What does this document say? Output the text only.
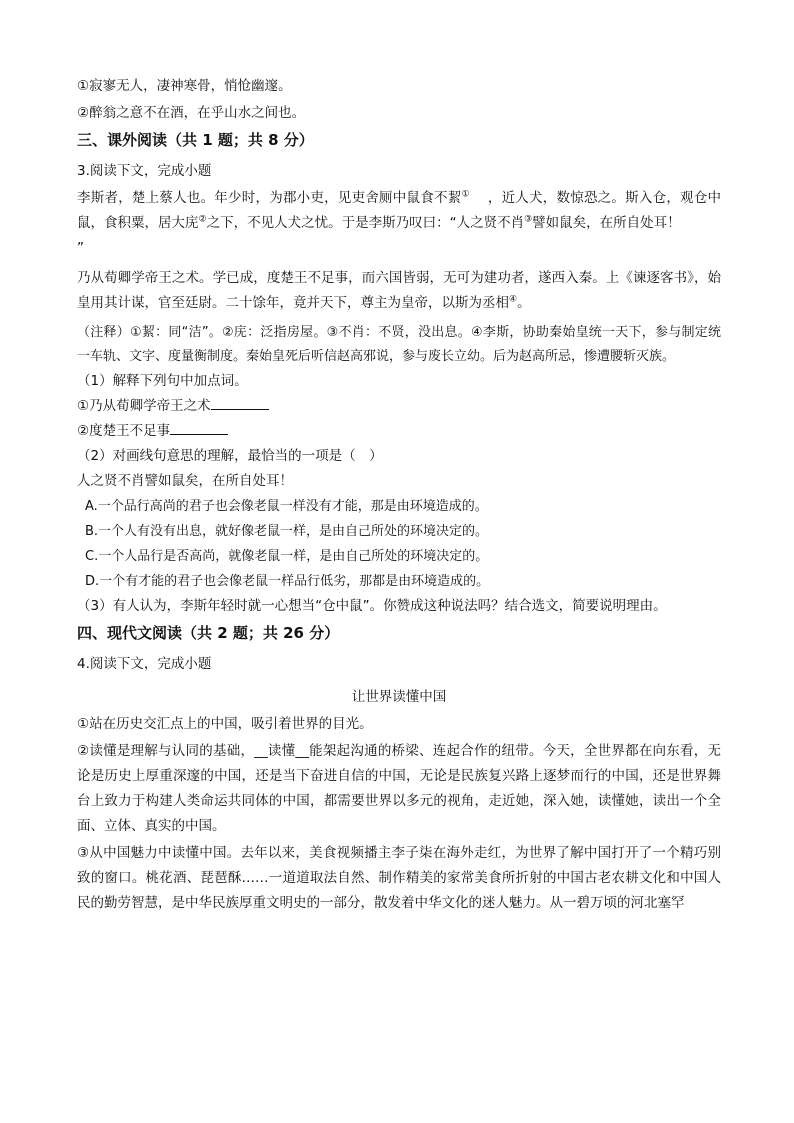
①寂寥无人，凄神寒骨，悄怆幽邃。
②醉翁之意不在酒，在乎山水之间也。
三、课外阅读（共 1 题；共 8 分）
3.阅读下文，完成小题
李斯者，楚上蔡人也。年少时，为郡小吏，见吏舍厕中鼠食不絜① ，近人犬，数惊恐之。斯入仓，观仓中鼠，食积粟，居大庑②之下，不见人犬之忧。于是李斯乃叹曰：“人之贤不肖③譬如鼠矣，在所自处耳！
”
乃从荀卿学帝王之术。学已成，度楚王不足事，而六国皆弱，无可为建功者，遂西入秦。上《谏逐客书》，始皇用其计谋，官至廷尉。二十馀年，竟并天下，尊主为皇帝，以斯为丞相④。
（注释）①絜：同“洁”。②庑：泛指房屋。③不肖：不贤，没出息。④李斯，协助秦始皇统一天下，参与制定统一车轨、文字、度量衡制度。秦始皇死后听信赵高邪说，参与废长立幼。后为赵高所忌，惨遭腰斩灭族。
（1）解释下列句中加点词。
①乃从荀卿学帝王之术
②度楚王不足事
（2）对画线句意思的理解，最恰当的一项是（　）
人之贤不肖譬如鼠矣，在所自处耳！
A.一个品行高尚的君子也会像老鼠一样没有才能，那是由环境造成的。
B.一个人有没有出息，就好像老鼠一样，是由自己所处的环境决定的。
C.一个人品行是否高尚，就像老鼠一样，是由自己所处的环境决定的。
D.一个有才能的君子也会像老鼠一样品行低劣，那都是由环境造成的。
（3）有人认为，李斯年轻时就一心想当“仓中鼠”。你赞成这种说法吗？结合选文，简要说明理由。
四、现代文阅读（共 2 题；共 26 分）
4.阅读下文，完成小题
让世界读懂中国
①站在历史交汇点上的中国，吸引着世界的目光。
②读懂是理解与认同的基础，__读懂__能架起沟通的桥梁、连起合作的纽带。今天，全世界都在向东看，无论是历史上厚重深邃的中国，还是当下奋进自信的中国，无论是民族复兴路上逐梦而行的中国，还是世界舞台上致力于构建人类命运共同体的中国，都需要世界以多元的视角，走近她，深入她，读懂她，读出一个全面、立体、真实的中国。
③从中国魅力中读懂中国。去年以来，美食视频播主李子柒在海外走红，为世界了解中国打开了一个精巧别致的窗口。桃花酒、琵琶酥……一道道取法自然、制作精美的家常美食所折射的中国古老农耕文化和中国人民的勤劳智慧，是中华民族厚重文明史的一部分，散发着中华文化的迷人魅力。从一碧万顷的河北塞罕
